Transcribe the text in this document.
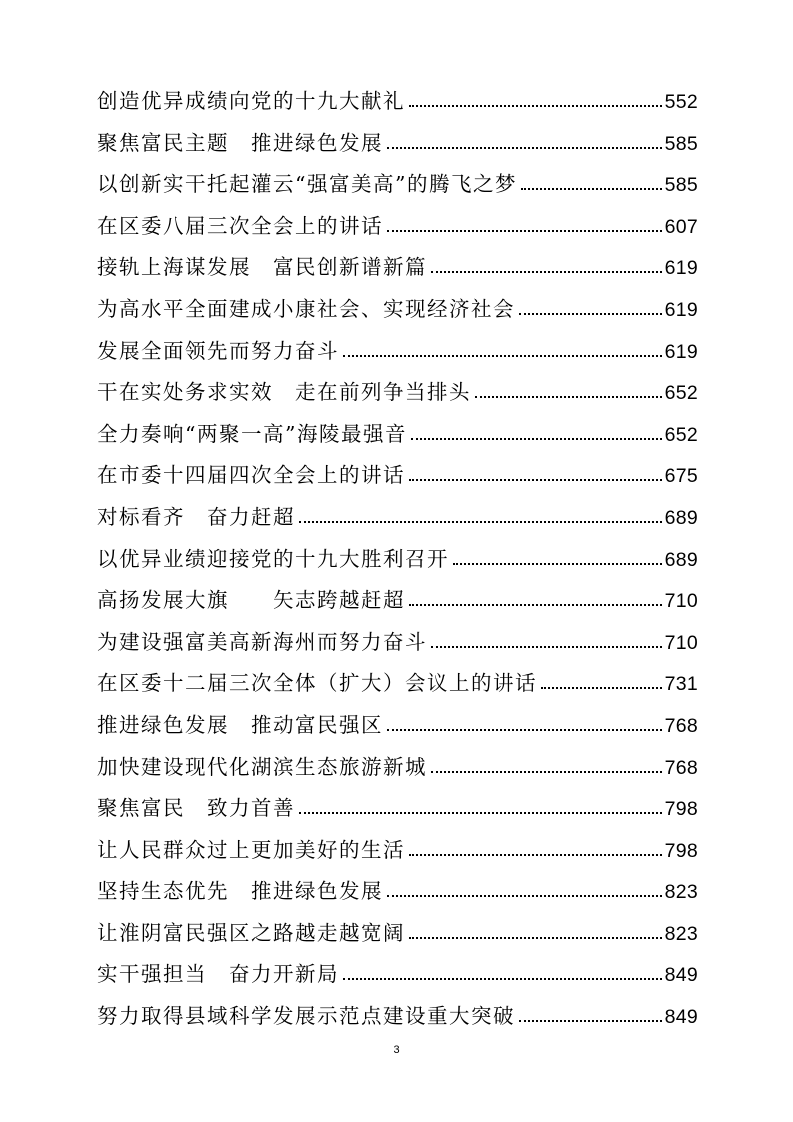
创造优异成绩向党的十九大献礼	552
聚焦富民主题　推进绿色发展	585
以创新实干托起灌云“强富美高”的腾飞之梦	585
在区委八届三次全会上的讲话	607
接轨上海谋发展　富民创新谱新篇	619
为高水平全面建成小康社会、实现经济社会	619
发展全面领先而努力奋斗	619
干在实处务求实效　走在前列争当排头	652
全力奏响“两聚一高”海陵最强音	652
在市委十四届四次全会上的讲话	675
对标看齐　奋力赶超	689
以优异业绩迎接党的十九大胜利召开	689
高扬发展大旗　　矢志跨越赶超	710
为建设强富美高新海州而努力奋斗	710
在区委十二届三次全体（扩大）会议上的讲话	731
推进绿色发展　推动富民强区	768
加快建设现代化湖滨生态旅游新城	768
聚焦富民　致力首善	798
让人民群众过上更加美好的生活	798
坚持生态优先　推进绿色发展	823
让淮阴富民强区之路越走越宽阔	823
实干强担当　奋力开新局	849
努力取得县域科学发展示范点建设重大突破	849
3
